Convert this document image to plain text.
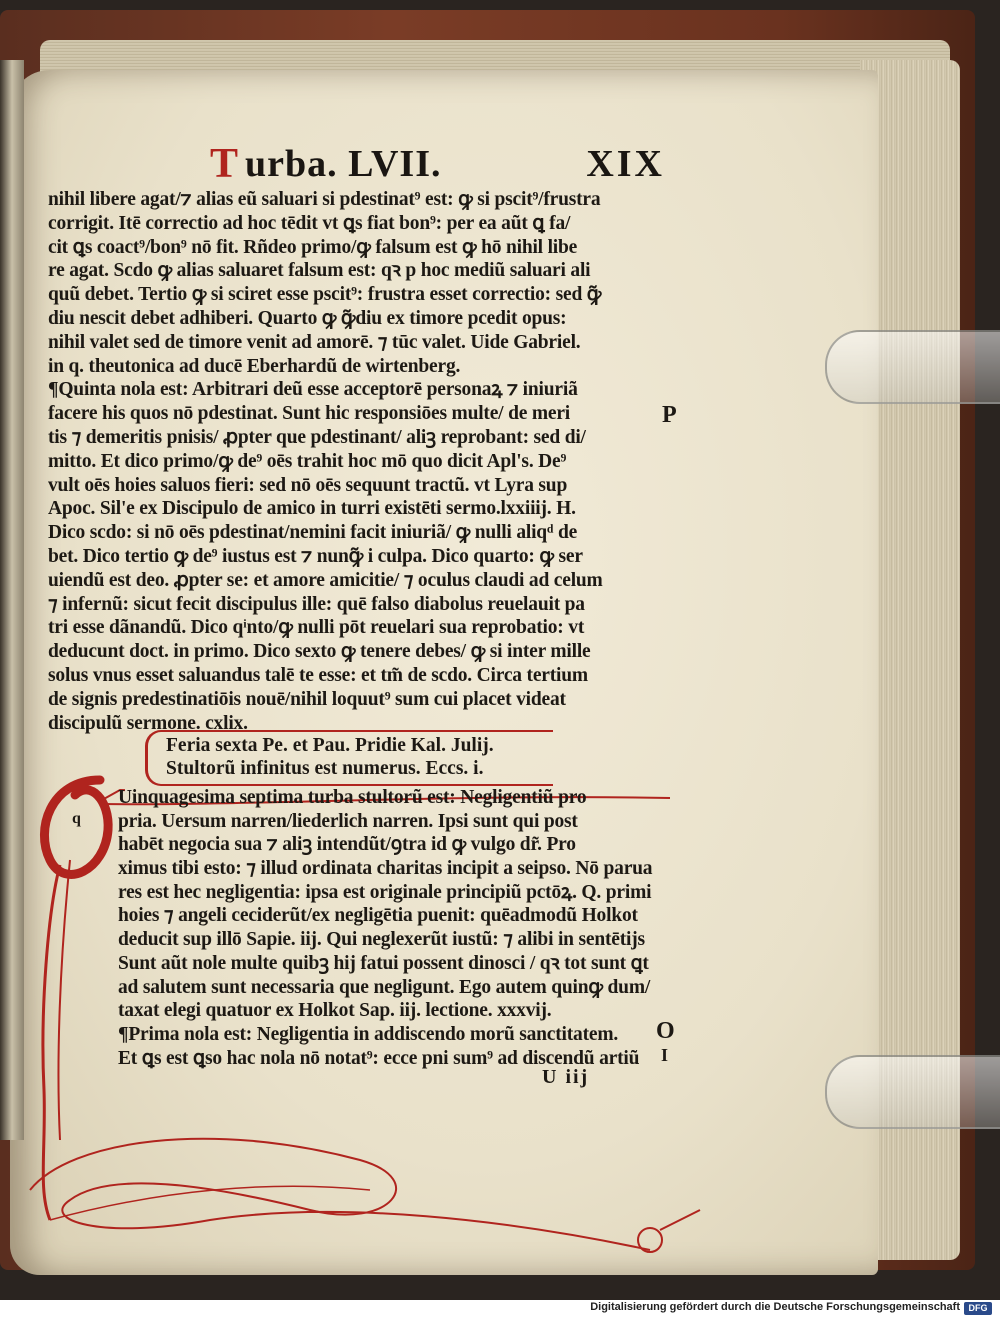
T urba. LVII.	XIX
nihil libere agat/⁊ alias eũ saluari si pdestinat⁹ est: ꝙ si pscit⁹/frustra
corrigit. Itē correctio ad hoc tēdit vt ꝗs fiat bon⁹: per ea aũt ꝗ fa/
cit ꝗs coact⁹/bon⁹ nō fit. Rñdeo primo/ꝙ falsum est ꝙ hō nihil libe
re agat. Scdo ꝙ alias saluaret falsum est: qꝛ p hoc mediũ saluari ali
quũ debet. Tertio ꝙ si sciret esse pscit⁹: frustra esset correctio: sed ꝙ̃
diu nescit debet adhiberi. Quarto ꝙ ꝙ̃diu ex timore pcedit opus:
nihil valet sed de timore venit ad amorē. ⁊ tūc valet. Uide Gabriel.
in q. theutonica ad ducē Eberhardũ de wirtenberg.
¶Quinta nola est: Arbitrari deũ esse acceptorē personaꝝ ⁊ iniuriã
facere his quos nō pdestinat. Sunt hic responsiōes multe/ de meri
tis ⁊ demeritis pnisis/ ꝓpter que pdestinant/ aliꝫ reprobant: sed di/
mitto. Et dico primo/ꝙ de⁹ oēs trahit hoc mō quo dicit Apl's. De⁹
vult oēs hoies saluos fieri: sed nō oēs sequunt tractũ. vt Lyra sup
Apoc. Sil'e ex Discipulo de amico in turri existēti sermo.lxxiiij. H.
Dico scdo: si nō oēs pdestinat/nemini facit iniuriã/ ꝙ nulli aliqͩ de
bet. Dico tertio ꝙ de⁹ iustus est ⁊ nunꝙ̃ i culpa. Dico quarto: ꝙ ser
uiendũ est deo. ꝓpter se: et amore amicitie/ ⁊ oculus claudi ad celum
⁊ infernũ: sicut fecit discipulus ille: quē falso diabolus reuelauit pa
tri esse dãnandũ. Dico qͥnto/ꝙ nulli pōt reuelari sua reprobatio: vt
deducunt doct. in primo. Dico sexto ꝙ tenere debes/ ꝙ si inter mille
solus vnus esset saluandus talē te esse: et tm̃ de scdo. Circa tertium
de signis predestinatiōis nouē/nihil loquut⁹ sum cui placet videat
discipulũ sermone. cxlix.
Feria sexta Pe. et Pau. Pridie Kal. Julij.
Stultorũ infinitus est numerus. Eccs. i.
q
Uinquagesima septima turba stultorũ est: Negligentiũ pro
pria. Uersum narren/liederlich narren. Ipsi sunt qui post
habēt negocia sua ⁊ aliꝫ intendũt/ꝯtra id ꝙ vulgo dr̃. Pro
ximus tibi esto: ⁊ illud ordinata charitas incipit a seipso. Nō parua
res est hec negligentia: ipsa est originale principiũ pctōꝝ. Q. primi
hoies ⁊ angeli ceciderũt/ex negligētia puenit: quēadmodũ Holkot
deducit sup illō Sapie. iij. Qui neglexerũt iustũ: ⁊ alibi in sentētijs
Sunt aũt nole multe quibꝫ hij fatui possent dinosci / qꝛ tot sunt ꝗt
ad salutem sunt necessaria que negligunt. Ego autem quinꝙ dum/
taxat elegi quatuor ex Holkot Sap. iij. lectione. xxxvij.
¶Prima nola est: Negligentia in addiscendo morũ sanctitatem.
Et ꝗs est ꝗso hac nola nō notat⁹: ecce pni sum⁹ ad discendũ artiũ
P
O
I
U iij
Digitalisierung gefördert durch die Deutsche Forschungsgemeinschaft DFG
